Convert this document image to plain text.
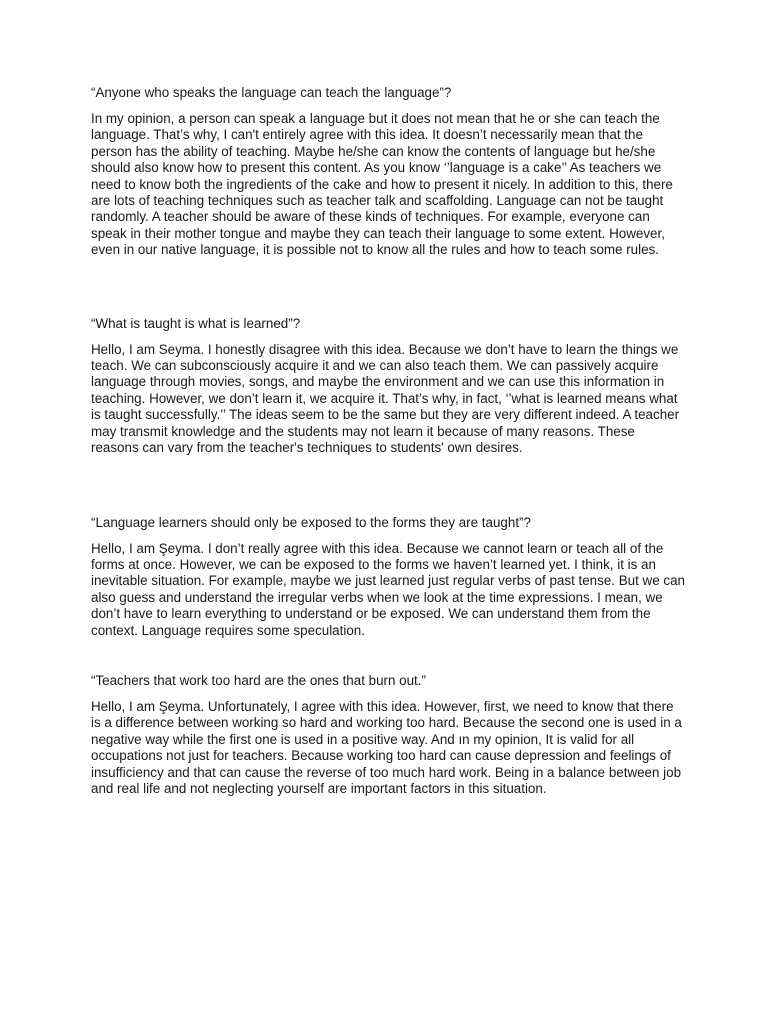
“Anyone who speaks the language can teach the language”?

In my opinion, a person can speak a language but it does not mean that he or she can teach the language. That’s why, I can't entirely agree with this idea. It doesn’t necessarily mean that the person has the ability of teaching. Maybe he/she can know the contents of language but he/she should also know how to present this content. As you know ‘’language is a cake’’ As teachers we need to know both the ingredients of the cake and how to present it nicely. In addition to this, there are lots of teaching techniques such as teacher talk and scaffolding. Language can not be taught randomly. A teacher should be aware of these kinds of techniques. For example, everyone can speak in their mother tongue and maybe they can teach their language to some extent. However, even in our native language, it is possible not to know all the rules and how to teach some rules.

“What is taught is what is learned”?

Hello, I am Seyma. I honestly disagree with this idea. Because we don’t have to learn the things we teach. We can subconsciously acquire it and we can also teach them. We can passively acquire language through movies, songs, and maybe the environment and we can use this information in teaching. However, we don’t learn it, we acquire it. That’s why, in fact, ‘’what is learned means what is taught successfully.’’ The ideas seem to be the same but they are very different indeed. A teacher may transmit knowledge and the students may not learn it because of many reasons. These reasons can vary from the teacher's techniques to students' own desires.

“Language learners should only be exposed to the forms they are taught”?

Hello, I am Şeyma. I don’t really agree with this idea. Because we cannot learn or teach all of the forms at once. However, we can be exposed to the forms we haven’t learned yet. I think, it is an inevitable situation. For example, maybe we just learned just regular verbs of past tense. But we can also guess and understand the irregular verbs when we look at the time expressions. I mean, we don’t have to learn everything to understand or be exposed. We can understand them from the context. Language requires some speculation.

“Teachers that work too hard are the ones that burn out.”

Hello, I am Şeyma. Unfortunately, I agree with this idea. However, first, we need to know that there is a difference between working so hard and working too hard. Because the second one is used in a negative way while the first one is used in a positive way. And ın my opinion, It is valid for all occupations not just for teachers. Because working too hard can cause depression and feelings of insufficiency and that can cause the reverse of too much hard work. Being in a balance between job and real life and not neglecting yourself are important factors in this situation.
